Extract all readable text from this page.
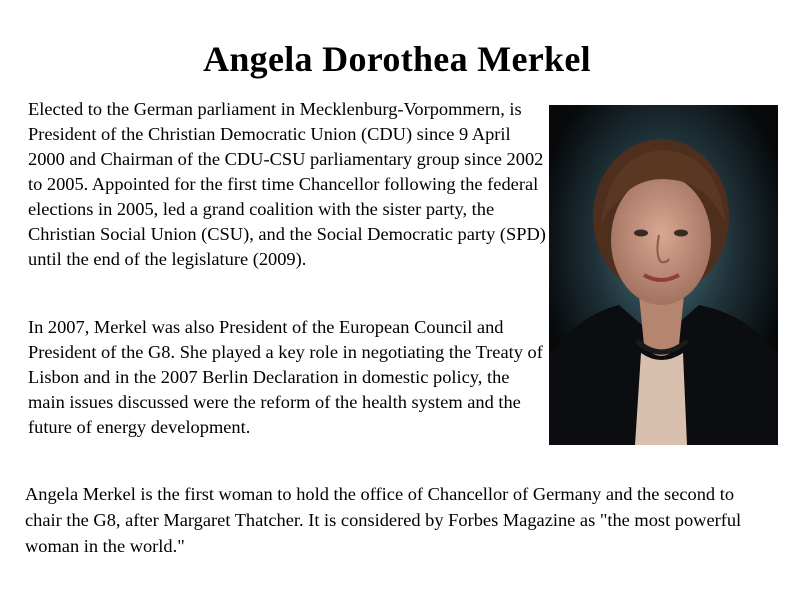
Angela Dorothea Merkel

Elected to the German parliament in Mecklenburg-Vorpommern, is President of the Christian Democratic Union (CDU) since 9 April 2000 and Chairman of the CDU-CSU parliamentary group since 2002 to 2005. Appointed for the first time Chancellor following the federal elections in 2005, led a grand coalition with the sister party, the Christian Social Union (CSU), and the Social Democratic party (SPD) until the end of the legislature (2009).

In 2007, Merkel was also President of the European Council and President of the G8. She played a key role in negotiating the Treaty of Lisbon and in the 2007 Berlin Declaration in domestic policy, the main issues discussed were the reform of the health system and the future of energy development.

Angela Merkel is the first woman to hold the office of Chancellor of Germany and the second to chair the G8, after Margaret Thatcher. It is considered by Forbes Magazine as "the most powerful woman in the world."
